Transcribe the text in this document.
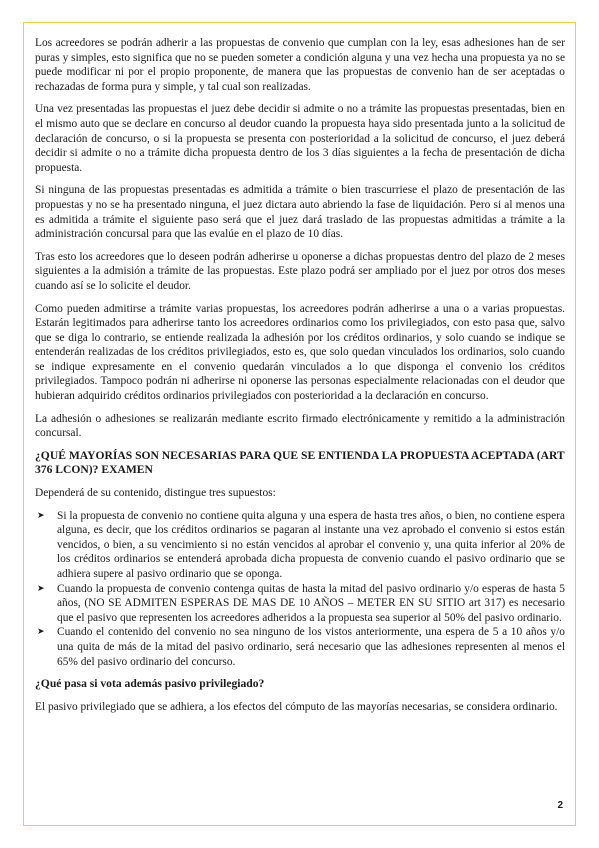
Los acreedores se podrán adherir a las propuestas de convenio que cumplan con la ley, esas adhesiones han de ser puras y simples, esto significa que no se pueden someter a condición alguna y una vez hecha una propuesta ya no se puede modificar ni por el propio proponente, de manera que las propuestas de convenio han de ser aceptadas o rechazadas de forma pura y simple, y tal cual son realizadas.

Una vez presentadas las propuestas el juez debe decidir si admite o no a trámite las propuestas presentadas, bien en el mismo auto que se declare en concurso al deudor cuando la propuesta haya sido presentada junto a la solicitud de declaración de concurso, o si la propuesta se presenta con posterioridad a la solicitud de concurso, el juez deberá decidir si admite o no a trámite dicha propuesta dentro de los 3 días siguientes a la fecha de presentación de dicha propuesta.

Si ninguna de las propuestas presentadas es admitida a trámite o bien trascurriese el plazo de presentación de las propuestas y no se ha presentado ninguna, el juez dictara auto abriendo la fase de liquidación. Pero si al menos una es admitida a trámite el siguiente paso será que el juez dará traslado de las propuestas admitidas a trámite a la administración concursal para que las evalúe en el plazo de 10 días.

Tras esto los acreedores que lo deseen podrán adherirse u oponerse a dichas propuestas dentro del plazo de 2 meses siguientes a la admisión a trámite de las propuestas. Este plazo podrá ser ampliado por el juez por otros dos meses cuando así se lo solicite el deudor.

Como pueden admitirse a trámite varias propuestas, los acreedores podrán adherirse a una o a varias propuestas. Estarán legitimados para adherirse tanto los acreedores ordinarios como los privilegiados, con esto pasa que, salvo que se diga lo contrario, se entiende realizada la adhesión por los créditos ordinarios, y solo cuando se indique se entenderán realizadas de los créditos privilegiados, esto es, que solo quedan vinculados los ordinarios, solo cuando se indique expresamente en el convenio quedarán vinculados a lo que disponga el convenio los créditos privilegiados. Tampoco podrán ni adherirse ni oponerse las personas especialmente relacionadas con el deudor que hubieran adquirido créditos ordinarios privilegiados con posterioridad a la declaración en concurso.

La adhesión o adhesiones se realizarán mediante escrito firmado electrónicamente y remitido a la administración concursal.

¿QUÉ MAYORÍAS SON NECESARIAS PARA QUE SE ENTIENDA LA PROPUESTA ACEPTADA (ART 376 LCON)? EXAMEN

Dependerá de su contenido, distingue tres supuestos:

➤ Si la propuesta de convenio no contiene quita alguna y una espera de hasta tres años, o bien, no contiene espera alguna, es decir, que los créditos ordinarios se pagaran al instante una vez aprobado el convenio si estos están vencidos, o bien, a su vencimiento si no están vencidos al aprobar el convenio y, una quita inferior al 20% de los créditos ordinarios se entenderá aprobada dicha propuesta de convenio cuando el pasivo ordinario que se adhiera supere al pasivo ordinario que se oponga.
➤ Cuando la propuesta de convenio contenga quitas de hasta la mitad del pasivo ordinario y/o esperas de hasta 5 años, (NO SE ADMITEN ESPERAS DE MAS DE 10 AÑOS – METER EN SU SITIO art 317) es necesario que el pasivo que representen los acreedores adheridos a la propuesta sea superior al 50% del pasivo ordinario.
➤ Cuando el contenido del convenio no sea ninguno de los vistos anteriormente, una espera de 5 a 10 años y/o una quita de más de la mitad del pasivo ordinario, será necesario que las adhesiones representen al menos el 65% del pasivo ordinario del concurso.
¿Qué pasa si vota además pasivo privilegiado?

El pasivo privilegiado que se adhiera, a los efectos del cómputo de las mayorías necesarias, se considera ordinario.

2
